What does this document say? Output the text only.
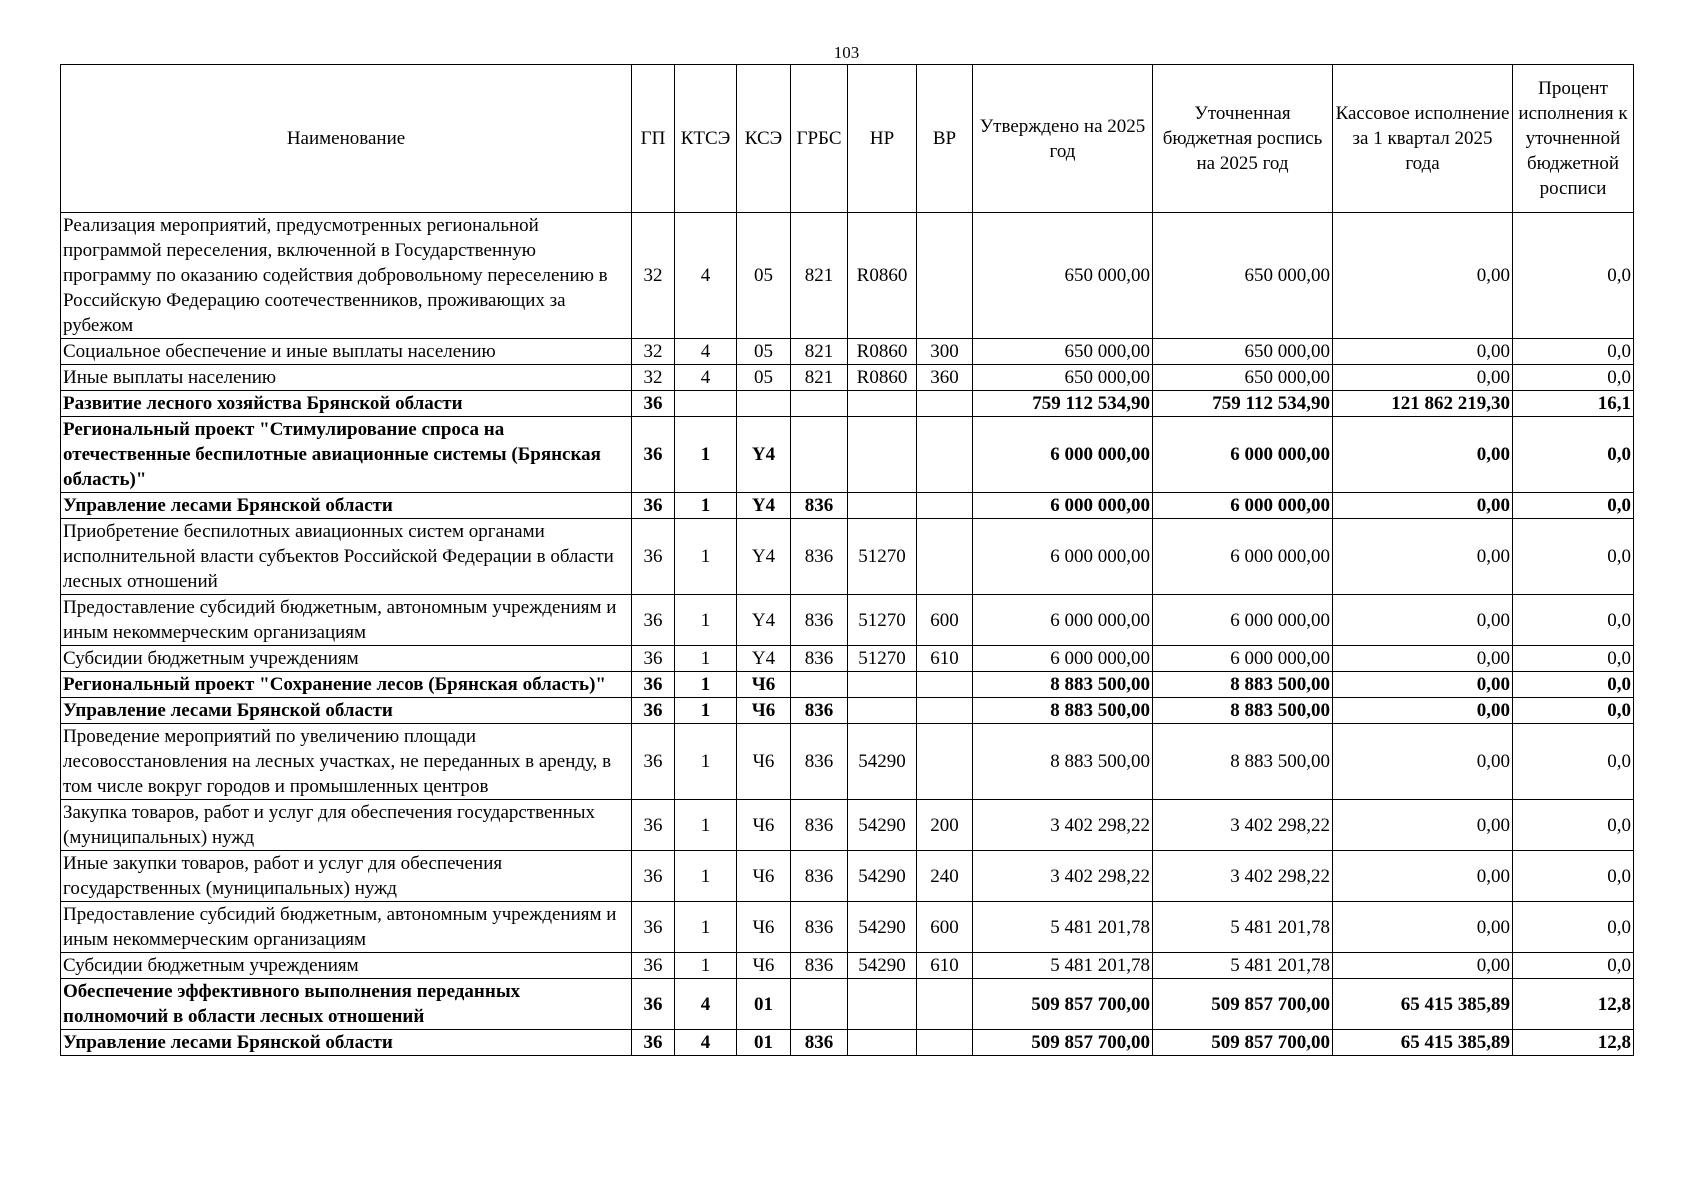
103
Наименование	ГП	КТСЭ	КСЭ	ГРБС	НР	ВР	Утверждено на 2025 год	Уточненная бюджетная роспись на 2025 год	Кассовое исполнение за 1 квартал 2025 года	Процент исполнения к уточненной бюджетной росписи
Реализация мероприятий, предусмотренных региональной программой переселения, включенной в Государственную программу по оказанию содействия добровольному переселению в Российскую Федерацию соотечественников, проживающих за рубежом	32	4	05	821	R0860		650 000,00	650 000,00	0,00	0,0
Социальное обеспечение и иные выплаты населению	32	4	05	821	R0860	300	650 000,00	650 000,00	0,00	0,0
Иные выплаты населению	32	4	05	821	R0860	360	650 000,00	650 000,00	0,00	0,0
Развитие лесного хозяйства Брянской области	36						759 112 534,90	759 112 534,90	121 862 219,30	16,1
Региональный проект "Стимулирование спроса на отечественные беспилотные авиационные системы (Брянская область)"	36	1	Y4				6 000 000,00	6 000 000,00	0,00	0,0
Управление лесами Брянской области	36	1	Y4	836			6 000 000,00	6 000 000,00	0,00	0,0
Приобретение беспилотных авиационных систем органами исполнительной власти субъектов Российской Федерации в области лесных отношений	36	1	Y4	836	51270		6 000 000,00	6 000 000,00	0,00	0,0
Предоставление субсидий бюджетным, автономным учреждениям и иным некоммерческим организациям	36	1	Y4	836	51270	600	6 000 000,00	6 000 000,00	0,00	0,0
Субсидии бюджетным учреждениям	36	1	Y4	836	51270	610	6 000 000,00	6 000 000,00	0,00	0,0
Региональный проект "Сохранение лесов (Брянская область)"	36	1	Ч6				8 883 500,00	8 883 500,00	0,00	0,0
Управление лесами Брянской области	36	1	Ч6	836			8 883 500,00	8 883 500,00	0,00	0,0
Проведение мероприятий по увеличению площади лесовосстановления на лесных участках, не переданных в аренду, в том числе вокруг городов и промышленных центров	36	1	Ч6	836	54290		8 883 500,00	8 883 500,00	0,00	0,0
Закупка товаров, работ и услуг для обеспечения государственных (муниципальных) нужд	36	1	Ч6	836	54290	200	3 402 298,22	3 402 298,22	0,00	0,0
Иные закупки товаров, работ и услуг для обеспечения государственных (муниципальных) нужд	36	1	Ч6	836	54290	240	3 402 298,22	3 402 298,22	0,00	0,0
Предоставление субсидий бюджетным, автономным учреждениям и иным некоммерческим организациям	36	1	Ч6	836	54290	600	5 481 201,78	5 481 201,78	0,00	0,0
Субсидии бюджетным учреждениям	36	1	Ч6	836	54290	610	5 481 201,78	5 481 201,78	0,00	0,0
Обеспечение эффективного выполнения переданных полномочий в области лесных отношений	36	4	01				509 857 700,00	509 857 700,00	65 415 385,89	12,8
Управление лесами Брянской области	36	4	01	836			509 857 700,00	509 857 700,00	65 415 385,89	12,8
